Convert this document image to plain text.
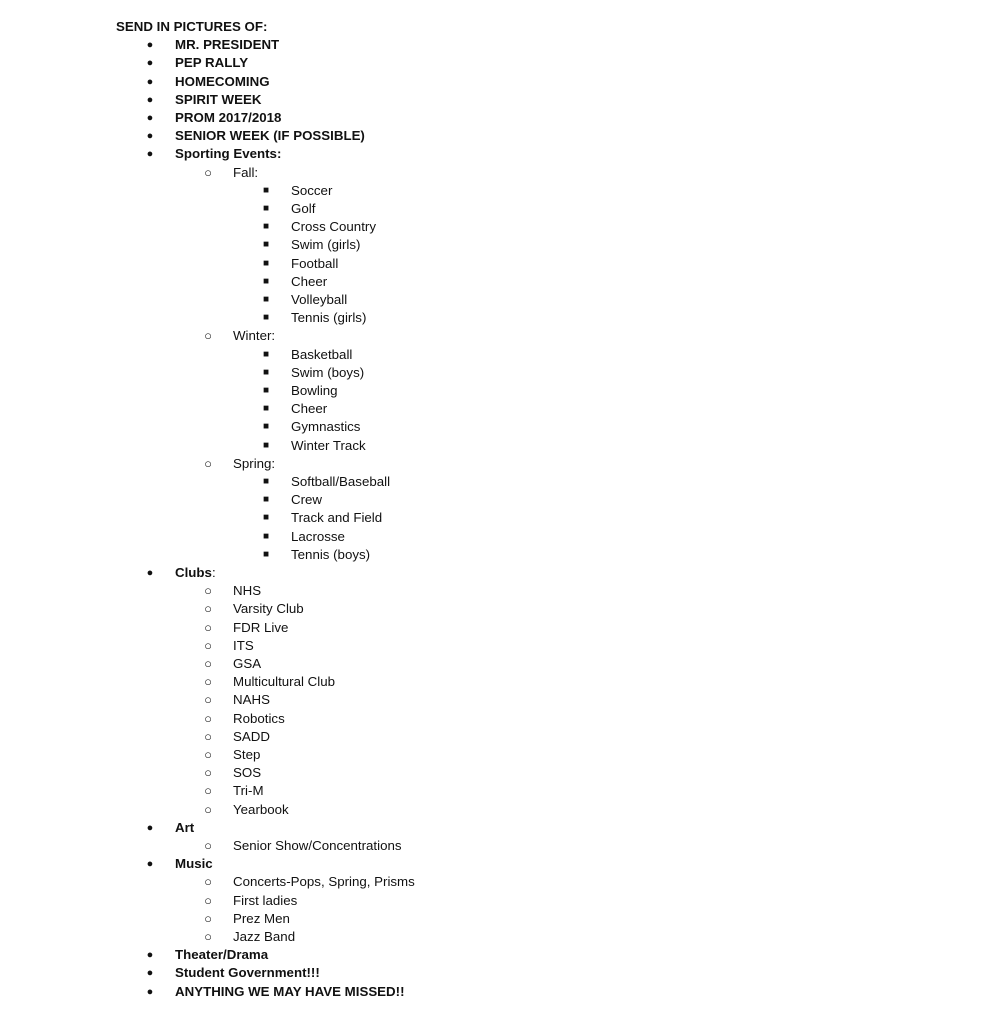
SEND IN PICTURES OF:
●	MR. PRESIDENT
●	PEP RALLY
●	HOMECOMING
●	SPIRIT WEEK
●	PROM 2017/2018
●	SENIOR WEEK (IF POSSIBLE)
●	Sporting Events:
○	Fall:
■	Soccer
■	Golf
■	Cross Country
■	Swim (girls)
■	Football
■	Cheer
■	Volleyball
■	Tennis (girls)
○	Winter:
■	Basketball
■	Swim (boys)
■	Bowling
■	Cheer
■	Gymnastics
■	Winter Track
○	Spring:
■	Softball/Baseball
■	Crew
■	Track and Field
■	Lacrosse
■	Tennis (boys)
●	Clubs:
○	NHS
○	Varsity Club
○	FDR Live
○	ITS
○	GSA
○	Multicultural Club
○	NAHS
○	Robotics
○	SADD
○	Step
○	SOS
○	Tri-M
○	Yearbook
●	Art
○	Senior Show/Concentrations
●	Music
○	Concerts-Pops, Spring, Prisms
○	First ladies
○	Prez Men
○	Jazz Band
●	Theater/Drama
●	Student Government!!!
●	ANYTHING WE MAY HAVE MISSED!!
